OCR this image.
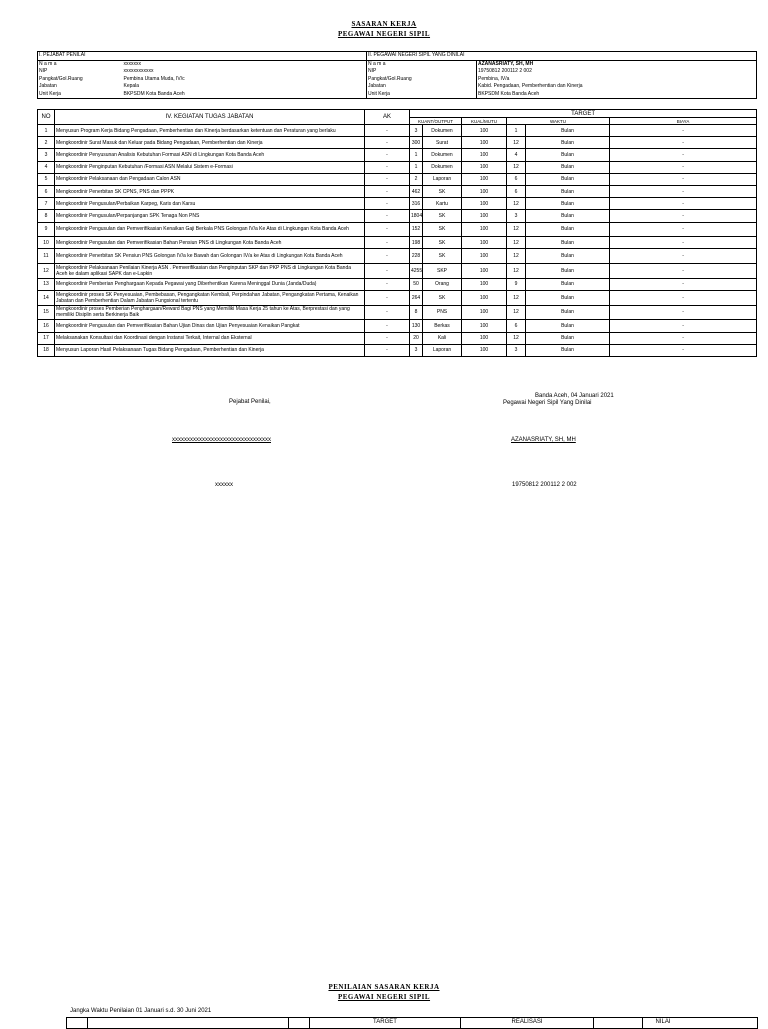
SASARAN KERJA
PEGAWAI NEGERI SIPIL
I. PEJABAT PENILAI		II. PEGAWAI NEGERI SIPIL YANG DINILAI	
N a m a	xxxxxxx	N a m a	AZANASRIATY, SH, MH
NIP	xxxxxxxxxxxx	NIP	19750812 200112 2 002
Pangkat/Gol.Ruang	Pembina Utama Muda, IV/c	Pangkat/Gol.Ruang	Pembina, IV/a
Jabatan	Kepala	Jabatan	Kabid. Pengadaan, Pemberhentian dan Kinerja
Unit Kerja	BKPSDM Kota Banda Aceh	Unit Kerja	BKPSDM Kota Banda Aceh
NO	IV. KEGIATAN TUGAS JABATAN	AK	TARGET					
			KUANT/OUTPUT		KUAL/MUTU	WAKTU		BIAYA
1	Menyusun Program Kerja Bidang Pengadaan, Pemberhentian dan Kinerja berdasarkan ketentuan dan Peraturan yang berlaku	-	3	Dokumen	100	1	Bulan	-
2	Mengkoordinir Surat Masuk dan Keluar pada Bidang Pengadaan, Pemberhentian dan Kinerja	-	300	Surat	100	12	Bulan	-
3	Mengkoordinir Penyusunan Analisis Kebutuhan Formasi ASN di Lingkungan Kota Banda Aceh	-	1	Dokumen	100	4	Bulan	-
4	Mengkoordinir Penginputan Kebutuhan /Formasi ASN Melalui Sistem e-Formasi	-	1	Dokumen	100	12	Bulan	-
5	Mengkoordinir Pelaksanaan dan Pengadaan Calon ASN	-	2	Laporan	100	6	Bulan	-
6	Mengkoordinir Penerbitan SK CPNS, PNS dan PPPK	-	462	SK	100	6	Bulan	-
7	Mengkoordinir Pengusulan/Perbaikan Karpeg, Karis dan Karsu	-	316	Kartu	100	12	Bulan	-
8	Mengkoordinir Pengusulan/Perpanjangan SPK Tenaga Non PNS	-	1804	SK	100	3	Bulan	-
9	Mengkoordinir Pengusulan dan Pemverifikasian Kenaikan Gaji Berkala PNS Golongan IV/a Ke Atas di Lingkungan Kota Banda Aceh	-	152	SK	100	12	Bulan	-
10	Mengkoordinir Pengusulan dan Pemverifikasian Bahan Pensiun PNS di Lingkungan Kota Banda Aceh	-	198	SK	100	12	Bulan	-
11	Mengkoordinir Penerbitan SK Pensiun PNS Golongan IV/a ke Bawah dan Golongan IV/a ke Atas di Lingkungan Kota Banda Aceh	-	228	SK	100	12	Bulan	-
12	Mengkoordinir Pelaksanaan Penilaian Kinerja ASN . Pemverifikasian dan Penginputan SKP dan PKP PNS di Lingkungan Kota Banda Aceh ke dalam aplikasi SAPK dan e-Lapkin	-	4255	SKP	100	12	Bulan	-
13	Mengkoordinir Pemberian Penghargaan Kepada Pegawai yang Diberhentikan Karena Meninggal Dunia (Janda/Duda)	-	50	Orang	100	9	Bulan	-
14	Mengkoordinir proses SK Penyesuaian, Pembebasan, Pengangkatan Kembali, Perpindahan Jabatan, Pengangkatan Pertama, Kenaikan Jabatan dan Pemberhentian Dalam Jabatan Fungsional tertentu	-	264	SK	100	12	Bulan	-
15	Mengkoordinir proses Pemberian Penghargaan/Reward Bagi PNS yang Memiliki Masa Kerja 25 tahun ke Atas, Berprestasi dan yang memiliki Disiplin serta Berkinerja Baik	-	8	PNS	100	12	Bulan	-
16	Mengkoordinir Pengusulan dan Pemverifikasian Bahan Ujian Dinas dan Ujian Penyesuaian Kenaikan Pangkat	-	130	Berkas	100	6	Bulan	-
17	Melaksanakan Konsultasi dan Koordinasi dengan Instansi Terkait, Internal dan Eksternal	-	20	Kali	100	12	Bulan	-
18	Menyusun Laporan Hasil Pelaksanaan Tugas Bidang Pengadaan, Pemberhentian dan Kinerja	-	3	Laporan	100	3	Bulan	-
Pejabat Penilai,
xxxxxxxxxxxxxxxxxxxxxxxxxxxxxxxxx
xxxxxx
Banda Aceh, 04 Januari 2021
Pegawai Negeri Sipil Yang Dinilai
AZANASRIATY, SH, MH
19750812 200112 2 002
PENILAIAN SASARAN KERJA
PEGAWAI NEGERI SIPIL
Jangka Waktu Penilaian 01 Januari s.d. 30 Juni 2021
TARGET	REALISASI	NILAI
